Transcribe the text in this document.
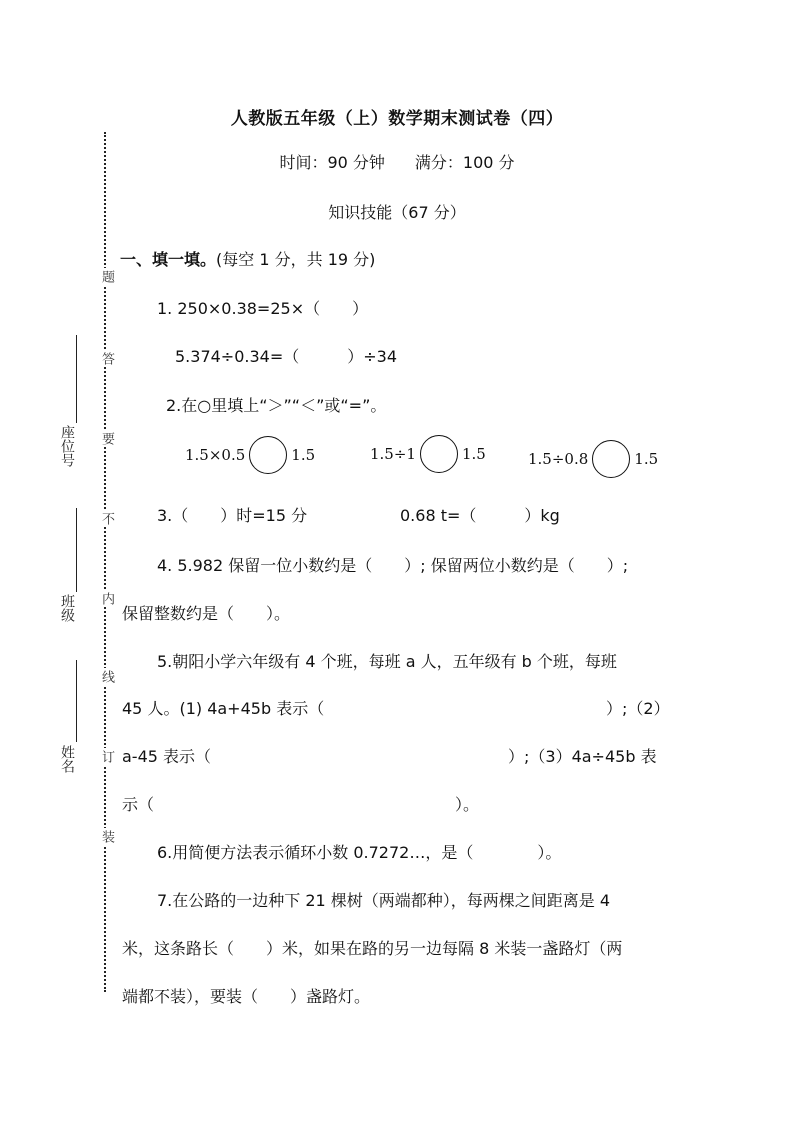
题
答
要
不
内
线
订
装
座位号
班级
姓名
人教版五年级（上）数学期末测试卷（四）
时间：90 分钟 满分：100 分
知识技能（67 分）
一、填一填。(每空 1 分，共 19 分)
1. 250×0.38=25×（　　）
5.374÷0.34=（　　　）÷34
2.在○里填上“＞”“＜”或“=”。
1.5×0.5	1.5	1.5÷1	1.5	1.5÷0.8	1.5
3.（　　）时=15 分	0.68 t=（　　　）kg
4. 5.982 保留一位小数约是（　　）; 保留两位小数约是（　　）;
保留整数约是（　　）。
5.朝阳小学六年级有 4 个班，每班 a 人，五年级有 b 个班，每班
45 人。(1) 4a+45b 表示（	）;（2）
a-45 表示（	）;（3）4a÷45b 表
示（	）。
6.用简便方法表示循环小数 0.7272…，是（　　　　）。
7.在公路的一边种下 21 棵树（两端都种），每两棵之间距离是 4
米，这条路长（　　）米，如果在路的另一边每隔 8 米装一盏路灯（两
端都不装），要装（　　）盏路灯。
